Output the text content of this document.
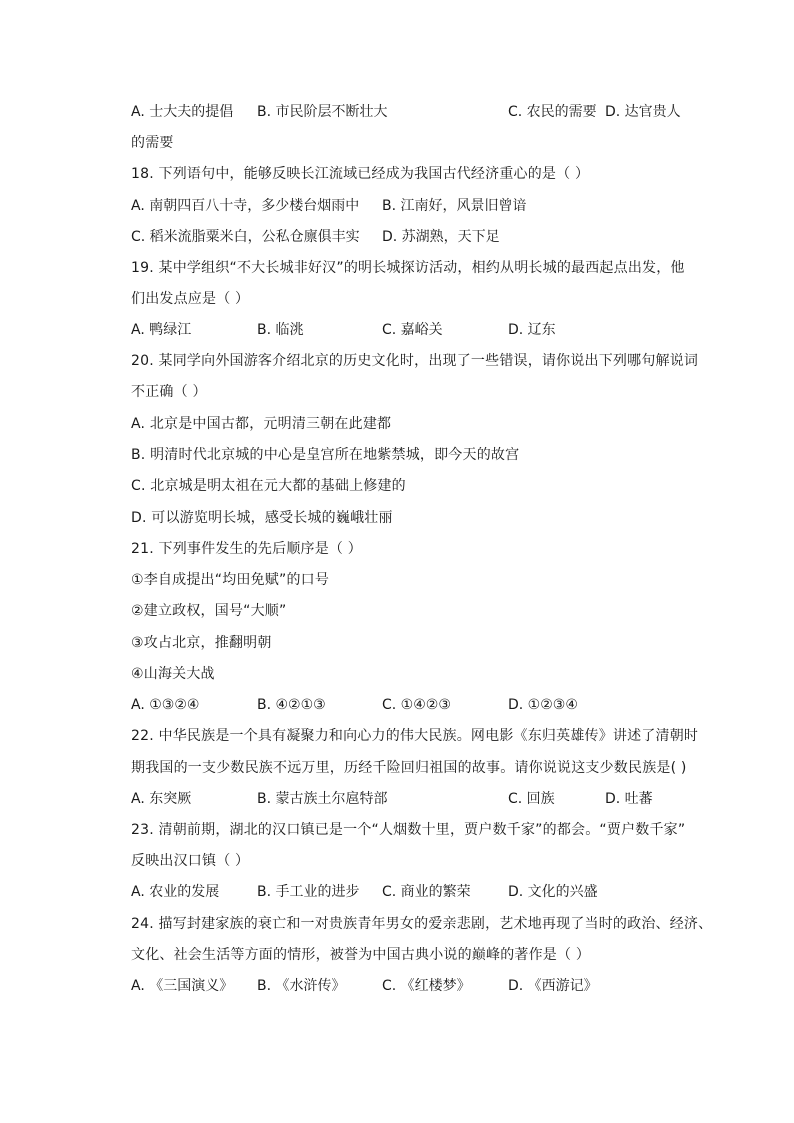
A. 士大夫的提倡 B. 市民阶层不断壮大	C. 农民的需要 D. 达官贵人
的需要
18. 下列语句中，能够反映长江流域已经成为我国古代经济重心的是（ ）
A. 南朝四百八十寺，多少楼台烟雨中 B. 江南好，风景旧曾谙
C. 稻米流脂粟米白，公私仓廪俱丰实 D. 苏湖熟，天下足
19. 某中学组织“不大长城非好汉”的明长城探访活动，相约从明长城的最西起点出发，他
们出发点应是（ ）
A. 鸭绿江	B. 临洮	C. 嘉峪关	D. 辽东
20. 某同学向外国游客介绍北京的历史文化时，出现了一些错误，请你说出下列哪句解说词
不正确（ ）
A. 北京是中国古都，元明清三朝在此建都
B. 明清时代北京城的中心是皇宫所在地紫禁城，即今天的故宫
C. 北京城是明太祖在元大都的基础上修建的
D. 可以游览明长城，感受长城的巍峨壮丽
21. 下列事件发生的先后顺序是（ ）
①李自成提出“均田免赋”的口号
②建立政权，国号“大顺”
③攻占北京，推翻明朝
④山海关大战
A. ①③②④	B. ④②①③	C. ①④②③	D. ①②③④
22. 中华民族是一个具有凝聚力和向心力的伟大民族。网电影《东归英雄传》讲述了清朝时
期我国的一支少数民族不远万里，历经千险回归祖国的故事。请你说说这支少数民族是( )
A. 东突厥	B. 蒙古族土尔扈特部	C. 回族	D. 吐蕃
23. 清朝前期，湖北的汉口镇已是一个“人烟数十里，贾户数千家”的都会。“贾户数千家”
反映出汉口镇（ ）
A. 农业的发展	B. 手工业的进步 C. 商业的繁荣	D. 文化的兴盛
24. 描写封建家族的衰亡和一对贵族青年男女的爱亲悲剧，艺术地再现了当时的政治、经济、
文化、社会生活等方面的情形，被誉为中国古典小说的巅峰的著作是（ ）
A. 《三国演义》 B. 《水浒传》	C. 《红楼梦》	D. 《西游记》
